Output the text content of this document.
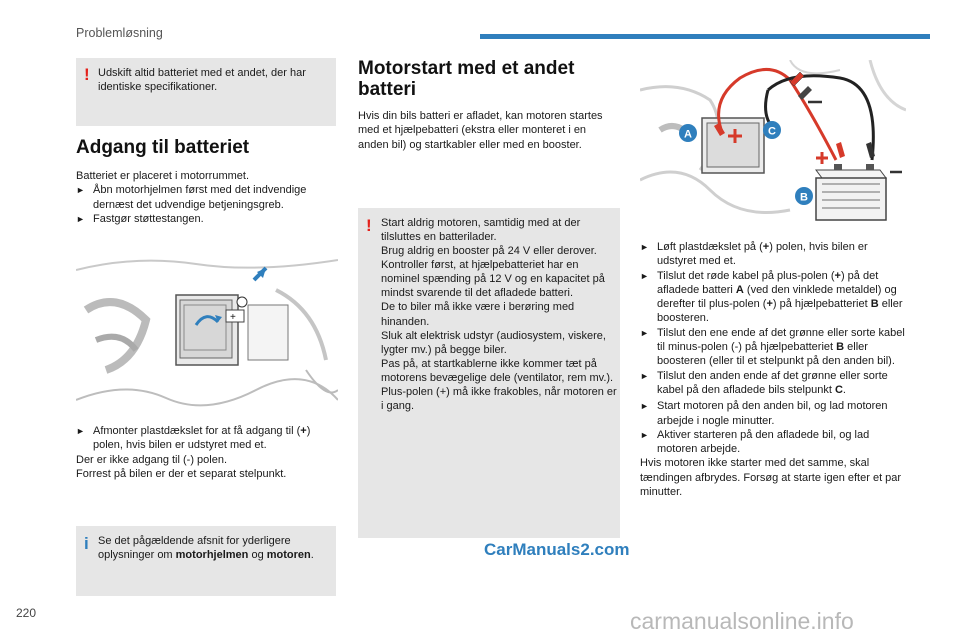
Problemløsning
! Udskift altid batteriet med et andet, der har identiske specifikationer.

Adgang til batteriet

Batteriet er placeret i motorrummet.

► Åbn motorhjelmen først med det indvendige dernæst det udvendige betjeningsgreb.

► Fastgør støttestangen.

+

► Afmonter plastdækslet for at få adgang til (+) polen, hvis bilen er udstyret med et.

Der er ikke adgang til (-) polen.

Forrest på bilen er der et separat stelpunkt.

i Se det pågældende afsnit for yderligere oplysninger om motorhjelmen og motoren.

Motorstart med et andet
batteri
Hvis din bils batteri er afladet, kan motoren startes med et hjælpebatteri (ekstra eller monteret i en anden bil) og startkabler eller med en booster.
! Start aldrig motoren, samtidig med at der tilsluttes en batterilader.

Brug aldrig en booster på 24 V eller derover.

Kontroller først, at hjælpebatteriet har en nominel spænding på 12 V og en kapacitet på mindst svarende til det afladede batteri.

De to biler må ikke være i berøring med hinanden.

Sluk alt elektrisk udstyr (audiosystem, viskere, lygter mv.) på begge biler.

Pas på, at startkablerne ikke kommer tæt på motorens bevægelige dele (ventilator, rem mv.).

Plus-polen (+) må ikke frakobles, når motoren er i gang.

A	C
B

► Løft plastdækslet på (+) polen, hvis bilen er udstyret med et.

► Tilslut det røde kabel på plus-polen (+) på det afladede batteri A (ved den vinklede metaldel) og derefter til plus-polen (+) på hjælpebatteriet B eller boosteren.

► Tilslut den ene ende af det grønne eller sorte kabel til minus-polen (-) på hjælpebatteriet B eller boosteren (eller til et stelpunkt på den anden bil).

► Tilslut den anden ende af det grønne eller sorte kabel på den afladede bils stelpunkt C.

► Start motoren på den anden bil, og lad motoren arbejde i nogle minutter.

► Aktiver starteren på den afladede bil, og lad motoren arbejde.

Hvis motoren ikke starter med det samme, skal tændingen afbrydes. Forsøg at starte igen efter et par minutter.

CarManuals2.com
220	carmanualsonline.info
